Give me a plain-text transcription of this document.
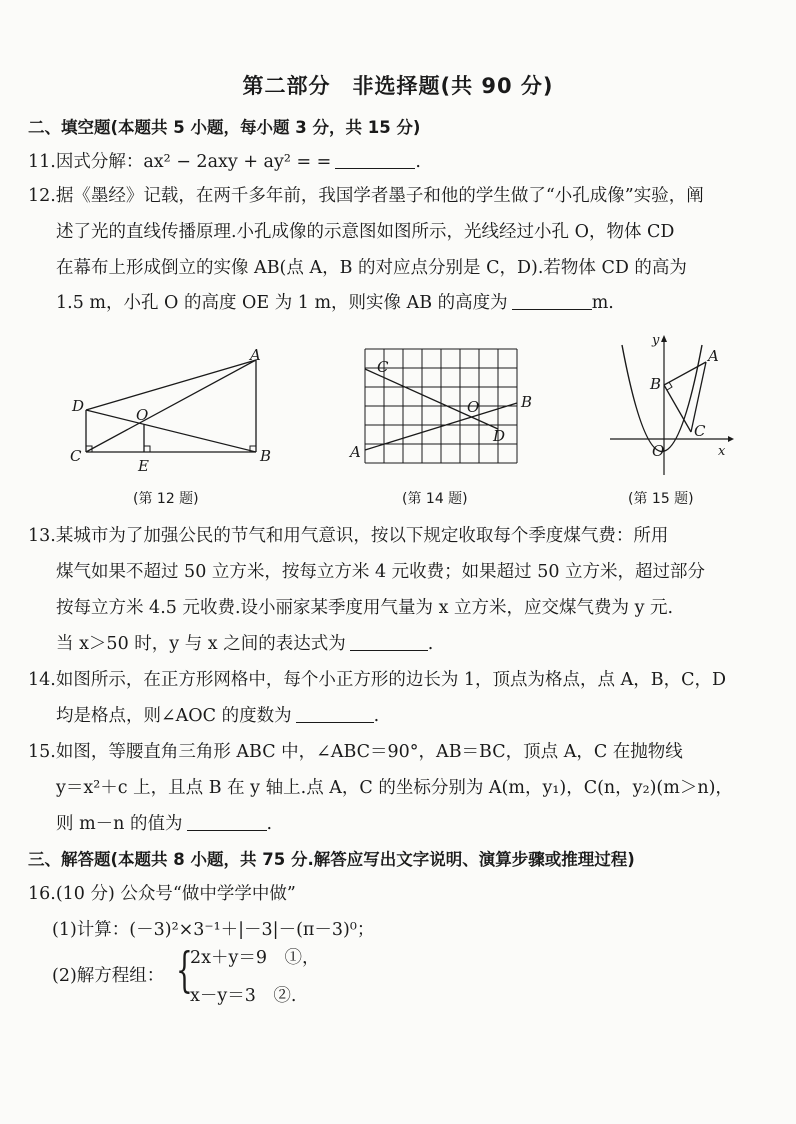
第二部分　非选择题(共 90 分)
二、填空题(本题共 5 小题，每小题 3 分，共 15 分)
11.因式分解：ax² − 2axy + ay² = =	.
12.据《墨经》记载，在两千多年前，我国学者墨子和他的学生做了“小孔成像”实验，阐
述了光的直线传播原理.小孔成像的示意图如图所示，光线经过小孔 O，物体 CD
在幕布上形成倒立的实像 AB(点 A，B 的对应点分别是 C，D).若物体 CD 的高为
1.5 m，小孔 O 的高度 OE 为 1 m，则实像 AB 的高度为	m.
A
B
C
D	O
E
(第 12 题)
A
B
C
D
O
(第 14 题)
A
B
C
O	x
y
(第 15 题)
13.某城市为了加强公民的节气和用气意识，按以下规定收取每个季度煤气费：所用
煤气如果不超过 50 立方米，按每立方米 4 元收费；如果超过 50 立方米，超过部分
按每立方米 4.5 元收费.设小丽家某季度用气量为 x 立方米，应交煤气费为 y 元.
当 x＞50 时，y 与 x 之间的表达式为	.
14.如图所示，在正方形网格中，每个小正方形的边长为 1，顶点为格点，点 A，B，C，D
均是格点，则∠AOC 的度数为	.
15.如图，等腰直角三角形 ABC 中，∠ABC＝90°，AB＝BC，顶点 A，C 在抛物线
y＝x²＋c 上，且点 B 在 y 轴上.点 A，C 的坐标分别为 A(m，y₁)，C(n，y₂)(m＞n)，
则 m－n 的值为	.
三、解答题(本题共 8 小题，共 75 分.解答应写出文字说明、演算步骤或推理过程)
16.(10 分) 公众号“做中学学中做”
(1)计算：(－3)²×3⁻¹＋|－3|－(π－3)⁰；
(2)解方程组： {
2x＋y＝9　①，
x－y＝3　②.
